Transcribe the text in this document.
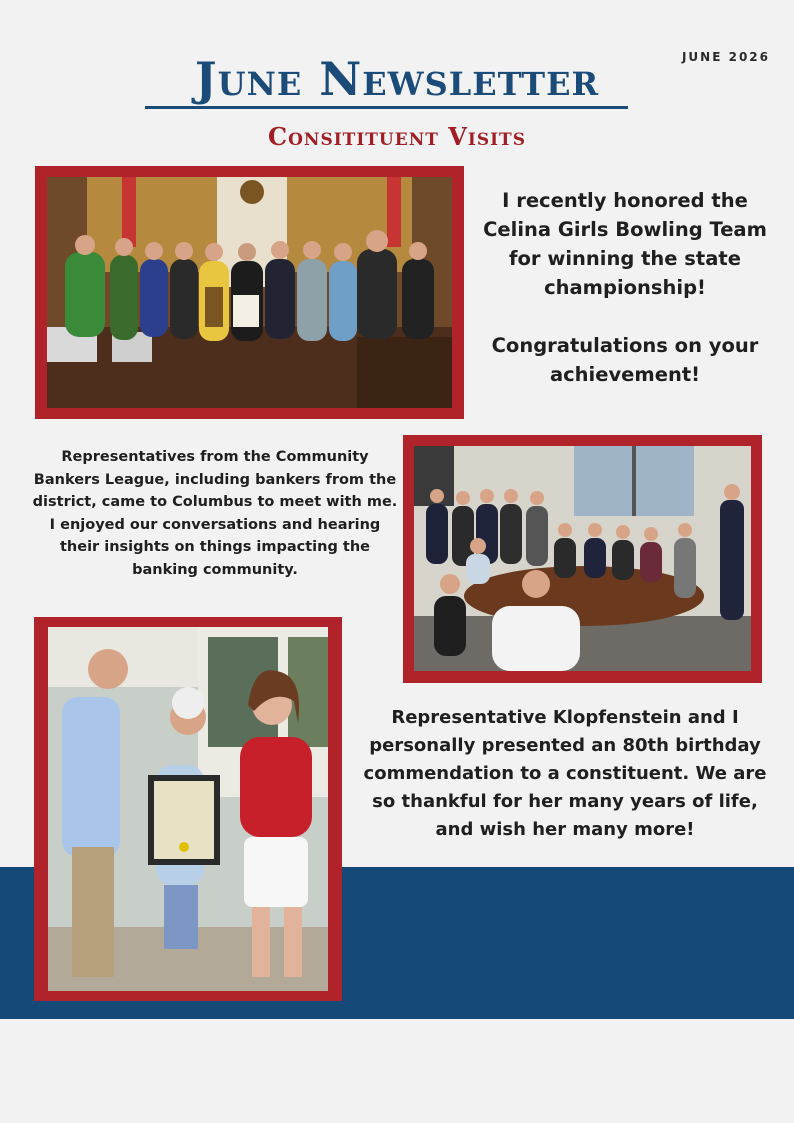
JUNE 2026
June Newsletter
Consitituent Visits
I recently honored the Celina Girls Bowling Team for winning the state championship!
Congratulations on your achievement!
Representatives from the Community Bankers League, including bankers from the district, came to Columbus to meet with me. I enjoyed our conversations and hearing their insights on things impacting the banking community.
Representative Klopfenstein and I personally presented an 80th birthday commendation to a constituent. We are so thankful for her many years of life, and wish her many more!
